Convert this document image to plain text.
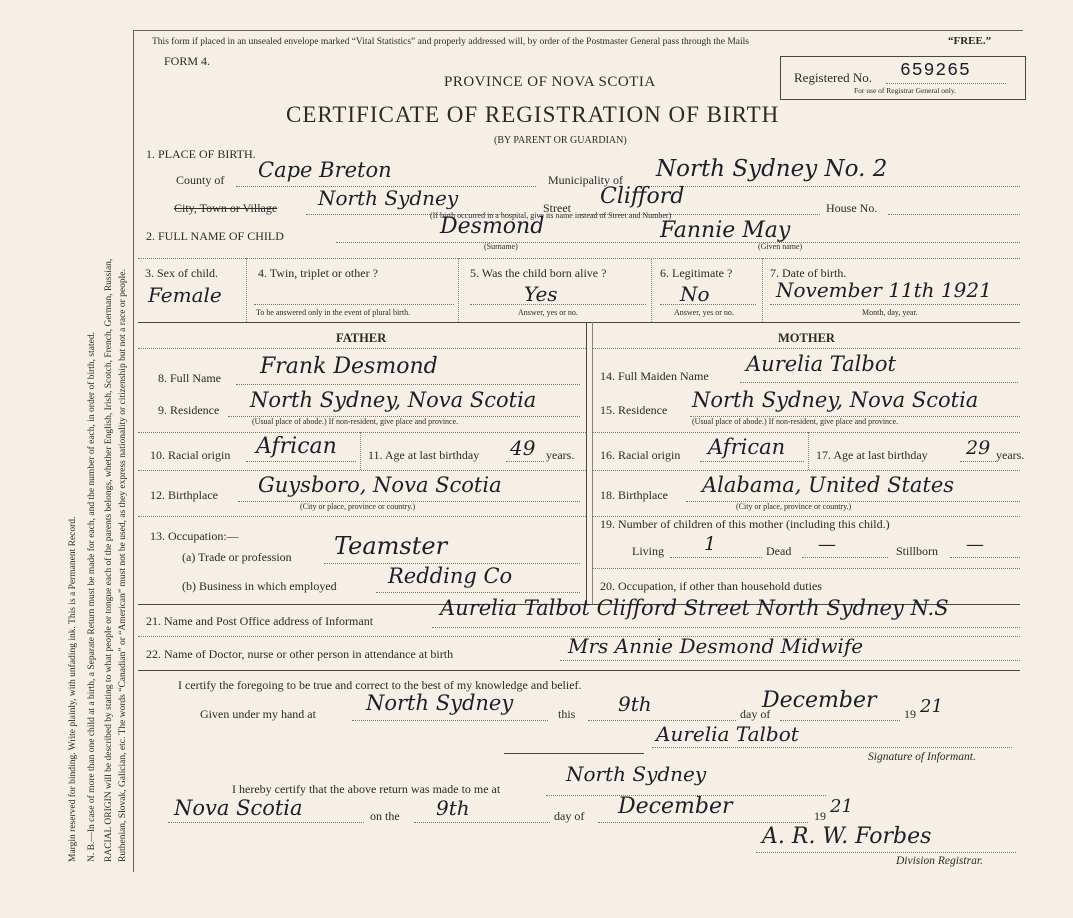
Margin reserved for binding. Write plainly, with unfading ink. This is a Permanent Record. N. B.—In case of more than one child at a birth, a Separate Return must be made for each, and the number of each, in order of birth, stated. RACIAL ORIGIN will be described by stating to what people or tongue each of the parents belongs, whether English, Irish, Scotch, French, German, Russian, Ruthenian, Slovak, Galician, etc. The words “Canadian” or “American” must not be used, as they express nationality or citizenship but not a race or people.
This form if placed in an unsealed envelope marked “Vital Statistics” and properly addressed will, by order of the Postmaster General pass through the Mails	“FREE.”
FORM 4.
PROVINCE OF NOVA SCOTIA
CERTIFICATE OF REGISTRATION OF BIRTH
(BY PARENT OR GUARDIAN)
Registered No. 659265
For use of Registrar General only.
1. PLACE OF BIRTH.
County of Cape Breton	Municipality of North Sydney No. 2
City, Town or Village North Sydney	Street Clifford
(If birth occurred in a hospital, give its name instead of Street and Number)
House No.
2. FULL NAME OF CHILD	Desmond
(Surname)
Fannie May
(Given name)
3. Sex of child.
Female
4. Twin, triplet or other ?
To be answered only in the event of plural birth.
5. Was the child born alive ?
Yes
Answer, yes or no.
6. Legitimate ?
No
Answer, yes or no.
7. Date of birth.
November 11th 1921
Month, day, year.
FATHER	MOTHER
8. Full Name Frank Desmond
9. Residence North Sydney, Nova Scotia
(Usual place of abode.) If non-resident, give place and province.
10. Racial origin African	11. Age at last birthday 49 years.
12. Birthplace Guysboro, Nova Scotia
(City or place, province or country.)
13. Occupation:—
(a) Trade or profession Teamster
(b) Business in which employed Redding Co
14. Full Maiden Name Aurelia Talbot
15. Residence North Sydney, Nova Scotia
(Usual place of abode.) If non-resident, give place and province.
16. Racial origin African	17. Age at last birthday 29 years.
18. Birthplace Alabama, United States
(City or place, province or country.)
19. Number of children of this mother (including this child.)
Living 1	Dead —	Stillborn —
20. Occupation, if other than household duties
21. Name and Post Office address of Informant
Aurelia Talbot Clifford Street North Sydney N.S
22. Name of Doctor, nurse or other person in attendance at birth	Mrs Annie Desmond Midwife
I certify the foregoing to be true and correct to the best of my knowledge and belief.
Given under my hand at North Sydney	this 9th	day of
December
19 21
Aurelia Talbot
Signature of Informant.
I hereby certify that the above return was made to me at
North Sydney
Nova Scotia	on the 9th	day of December	19 21
A. R. W. Forbes
Division Registrar.
